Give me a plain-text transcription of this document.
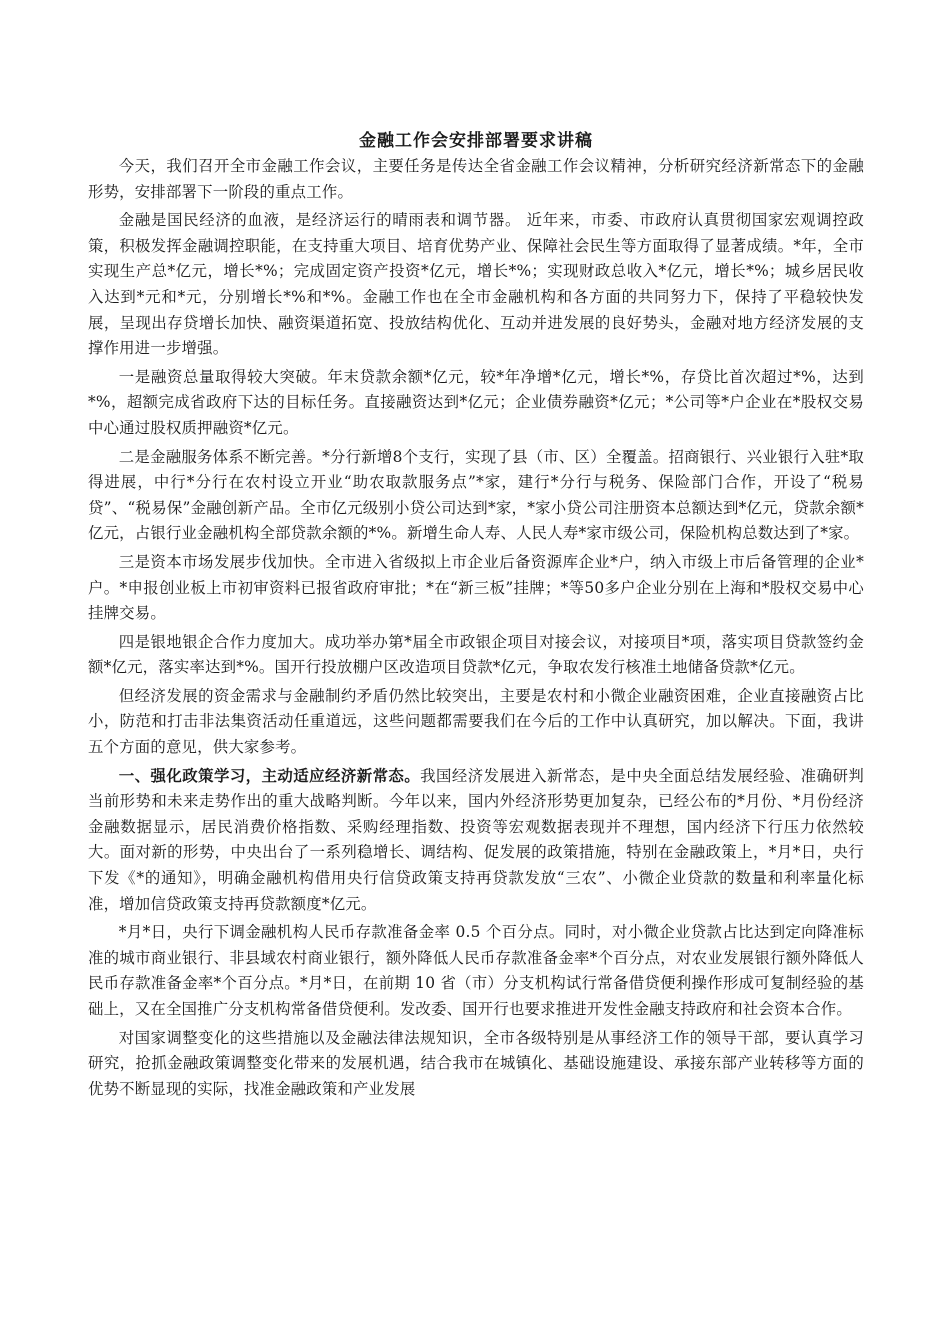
金融工作会安排部署要求讲稿

今天，我们召开全市金融工作会议，主要任务是传达全省金融工作会议精神，分析研究经济新常态下的金融形势，安排部署下一阶段的重点工作。

金融是国民经济的血液，是经济运行的晴雨表和调节器。 近年来，市委、市政府认真贯彻国家宏观调控政策，积极发挥金融调控职能，在支持重大项目、培育优势产业、保障社会民生等方面取得了显著成绩。*年，全市实现生产总*亿元，增长*%；完成固定资产投资*亿元，增长*%；实现财政总收入*亿元，增长*%；城乡居民收入达到*元和*元，分别增长*%和*%。金融工作也在全市金融机构和各方面的共同努力下，保持了平稳较快发展，呈现出存贷增长加快、融资渠道拓宽、投放结构优化、互动并进发展的良好势头，金融对地方经济发展的支撑作用进一步增强。

一是融资总量取得较大突破。年末贷款余额*亿元，较*年净增*亿元，增长*%，存贷比首次超过*%，达到*%，超额完成省政府下达的目标任务。直接融资达到*亿元；企业债券融资*亿元；*公司等*户企业在*股权交易中心通过股权质押融资*亿元。

二是金融服务体系不断完善。*分行新增8个支行，实现了县（市、区）全覆盖。招商银行、兴业银行入驻*取得进展，中行*分行在农村设立开业“助农取款服务点”*家，建行*分行与税务、保险部门合作，开设了“税易贷”、“税易保”金融创新产品。全市亿元级别小贷公司达到*家，*家小贷公司注册资本总额达到*亿元，贷款余额*亿元，占银行业金融机构全部贷款余额的*%。新增生命人寿、人民人寿*家市级公司，保险机构总数达到了*家。

三是资本市场发展步伐加快。全市进入省级拟上市企业后备资源库企业*户，纳入市级上市后备管理的企业*户。*申报创业板上市初审资料已报省政府审批；*在“新三板”挂牌；*等50多户企业分别在上海和*股权交易中心挂牌交易。

四是银地银企合作力度加大。成功举办第*届全市政银企项目对接会议，对接项目*项，落实项目贷款签约金额*亿元，落实率达到*%。国开行投放棚户区改造项目贷款*亿元，争取农发行核准土地储备贷款*亿元。

但经济发展的资金需求与金融制约矛盾仍然比较突出，主要是农村和小微企业融资困难，企业直接融资占比小，防范和打击非法集资活动任重道远，这些问题都需要我们在今后的工作中认真研究，加以解决。下面，我讲五个方面的意见，供大家参考。

一、强化政策学习，主动适应经济新常态。我国经济发展进入新常态，是中央全面总结发展经验、准确研判当前形势和未来走势作出的重大战略判断。今年以来，国内外经济形势更加复杂，已经公布的*月份、*月份经济金融数据显示，居民消费价格指数、采购经理指数、投资等宏观数据表现并不理想，国内经济下行压力依然较大。面对新的形势，中央出台了一系列稳增长、调结构、促发展的政策措施，特别在金融政策上，*月*日，央行下发《*的通知》，明确金融机构借用央行信贷政策支持再贷款发放“三农”、小微企业贷款的数量和利率量化标准，增加信贷政策支持再贷款额度*亿元。

*月*日，央行下调金融机构人民币存款准备金率 0.5 个百分点。同时，对小微企业贷款占比达到定向降准标准的城市商业银行、非县域农村商业银行，额外降低人民币存款准备金率*个百分点，对农业发展银行额外降低人民币存款准备金率*个百分点。*月*日，在前期 10 省（市）分支机构试行常备借贷便利操作形成可复制经验的基础上，又在全国推广分支机构常备借贷便利。发改委、国开行也要求推进开发性金融支持政府和社会资本合作。

对国家调整变化的这些措施以及金融法律法规知识，全市各级特别是从事经济工作的领导干部，要认真学习研究，抢抓金融政策调整变化带来的发展机遇，结合我市在城镇化、基础设施建设、承接东部产业转移等方面的优势不断显现的实际，找准金融政策和产业发展
